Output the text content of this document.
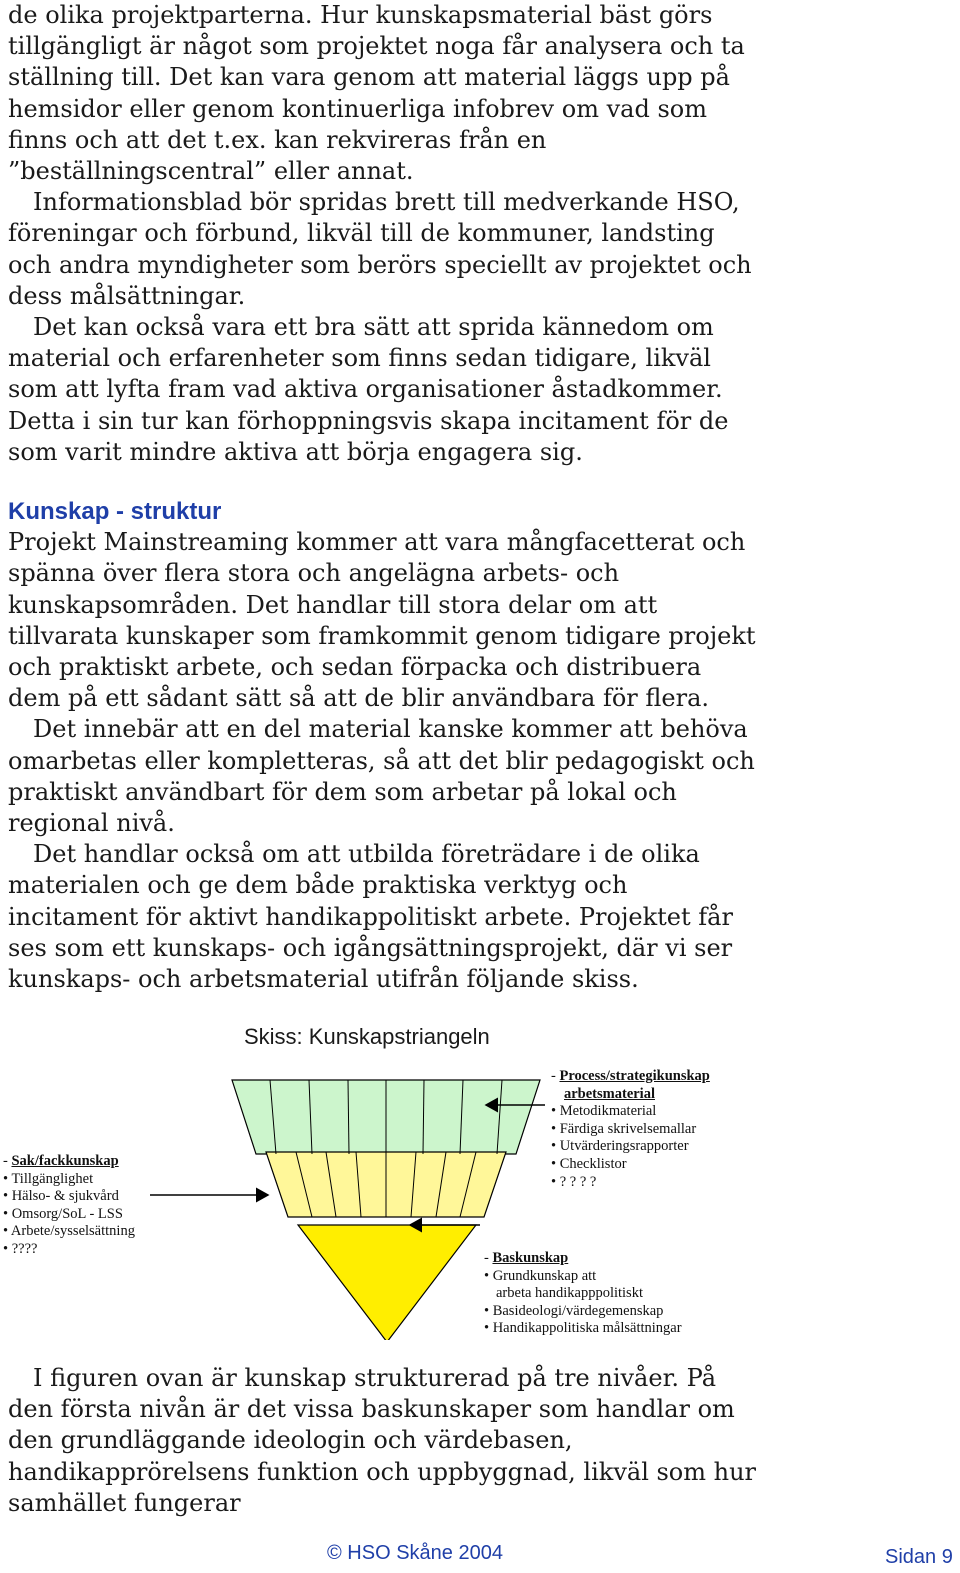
de olika projektparterna. Hur kunskapsmaterial bäst görs tillgängligt är något som projektet noga får analysera och ta ställning till. Det kan vara genom att material läggs upp på hemsidor eller genom kontinuerliga infobrev om vad som finns och att det t.ex. kan rekvireras från en ”beställningscentral” eller annat.

Informationsblad bör spridas brett till medverkande HSO, föreningar och förbund, likväl till de kommuner, landsting och andra myndigheter som berörs speciellt av projektet och dess målsättningar.

Det kan också vara ett bra sätt att sprida kännedom om material och erfarenheter som finns sedan tidigare, likväl som att lyfta fram vad aktiva organisationer åstadkommer. Detta i sin tur kan förhoppningsvis skapa incitament för de som varit mindre aktiva att börja engagera sig.

Kunskap - struktur

Projekt Mainstreaming kommer att vara mångfacetterat och spänna över flera stora och angelägna arbets- och kunskapsområden. Det handlar till stora delar om att tillvarata kunskaper som framkommit genom tidigare projekt och praktiskt arbete, och sedan förpacka och distribuera dem på ett sådant sätt så att de blir användbara för flera.

Det innebär att en del material kanske kommer att behöva omarbetas eller kompletteras, så att det blir pedagogiskt och praktiskt användbart för dem som arbetar på lokal och regional nivå.

Det handlar också om att utbilda företrädare i de olika materialen och ge dem både praktiska verktyg och incitament för aktivt handikappolitiskt arbete. Projektet får ses som ett kunskaps- och igångsättningsprojekt, där vi ser kunskaps- och arbetsmaterial utifrån följande skiss.

Skiss: Kunskapstriangeln
- Process/strategikunskap
arbetsmaterial
• Metodikmaterial
• Färdiga skrivelsemallar
• Utvärderingsrapporter
• Checklistor
• ? ? ? ?
- Sak/fackkunskap
• Tillgänglighet
• Hälso- & sjukvård
• Omsorg/SoL - LSS
• Arbete/sysselsättning
• ????
- Baskunskap
• Grundkunskap att
arbeta handikapppolitiskt
• Basideologi/värdegemenskap
• Handikappolitiska målsättningar

I figuren ovan är kunskap strukturerad på tre nivåer. På den första nivån är det vissa baskunskaper som handlar om den grundläggande ideologin och värdebasen, handikapprörelsens funktion och uppbyggnad, likväl som hur samhället fungerar

© HSO Skåne 2004	Sidan 9
